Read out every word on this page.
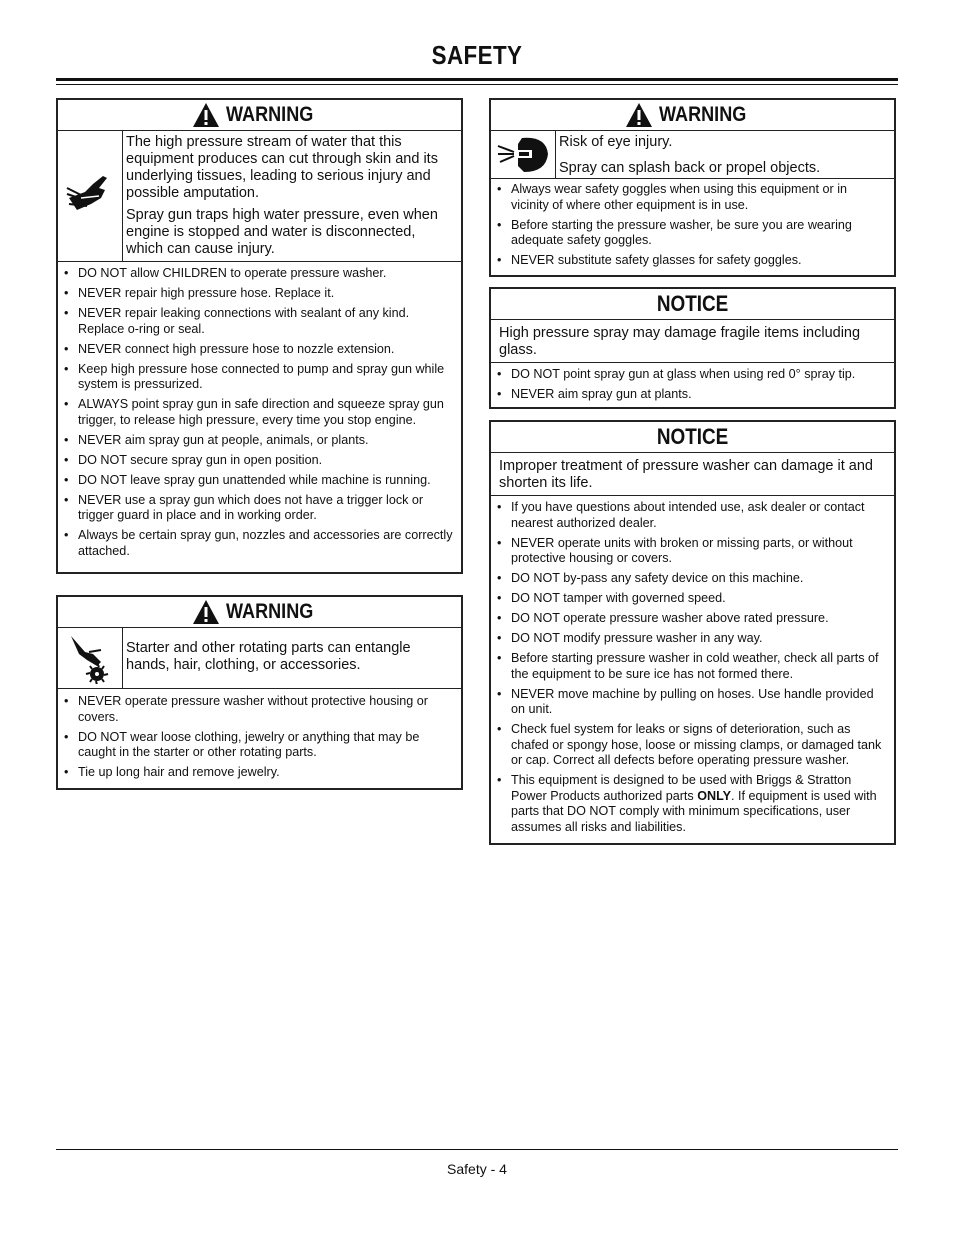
SAFETY
WARNING

The high pressure stream of water that this equipment produces can cut through skin and its underlying tissues, leading to serious injury and possible amputation.

Spray gun traps high water pressure, even when engine is stopped and water is disconnected, which can cause injury.

• DO NOT allow CHILDREN to operate pressure washer.
• NEVER repair high pressure hose. Replace it.
• NEVER repair leaking connections with sealant of any kind. Replace o-ring or seal.
• NEVER connect high pressure hose to nozzle extension.
• Keep high pressure hose connected to pump and spray gun while system is pressurized.
• ALWAYS point spray gun in safe direction and squeeze spray gun trigger, to release high pressure, every time you stop engine.
• NEVER aim spray gun at people, animals, or plants.
• DO NOT secure spray gun in open position.
• DO NOT leave spray gun unattended while machine is running.
• NEVER use a spray gun which does not have a trigger lock or trigger guard in place and in working order.
• Always be certain spray gun, nozzles and accessories are correctly attached.
WARNING

Starter and other rotating parts can entangle hands, hair, clothing, or accessories.

• NEVER operate pressure washer without protective housing or covers.
• DO NOT wear loose clothing, jewelry or anything that may be caught in the starter or other rotating parts.
• Tie up long hair and remove jewelry.
WARNING

Risk of eye injury.

Spray can splash back or propel objects.

• Always wear safety goggles when using this equipment or in vicinity of where other equipment is in use.
• Before starting the pressure washer, be sure you are wearing adequate safety goggles.
• NEVER substitute safety glasses for safety goggles.
NOTICE
High pressure spray may damage fragile items including glass.
• DO NOT point spray gun at glass when using red 0° spray tip.
• NEVER aim spray gun at plants.
NOTICE
Improper treatment of pressure washer can damage it and shorten its life.
• If you have questions about intended use, ask dealer or contact nearest authorized dealer.
• NEVER operate units with broken or missing parts, or without protective housing or covers.
• DO NOT by-pass any safety device on this machine.
• DO NOT tamper with governed speed.
• DO NOT operate pressure washer above rated pressure.
• DO NOT modify pressure washer in any way.
• Before starting pressure washer in cold weather, check all parts of the equipment to be sure ice has not formed there.
• NEVER move machine by pulling on hoses. Use handle provided on unit.
• Check fuel system for leaks or signs of deterioration, such as chafed or spongy hose, loose or missing clamps, or damaged tank or cap. Correct all defects before operating pressure washer.
• This equipment is designed to be used with Briggs & Stratton Power Products authorized parts ONLY. If equipment is used with parts that DO NOT comply with minimum specifications, user assumes all risks and liabilities.
Safety - 4
